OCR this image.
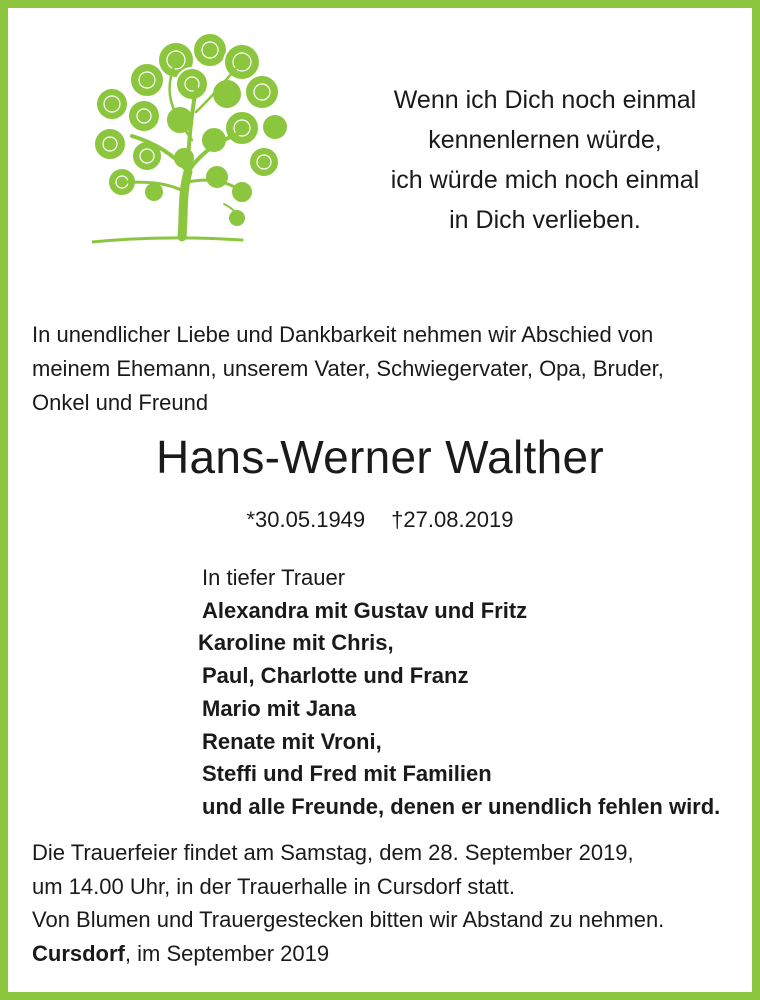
Wenn ich Dich noch einmal
kennenlernen würde,
ich würde mich noch einmal
in Dich verlieben.
In unendlicher Liebe und Dankbarkeit nehmen wir Abschied von
meinem Ehemann, unserem Vater, Schwiegervater, Opa, Bruder,
Onkel und Freund
Hans-Werner Walther
*30.05.1949 †27.08.2019
In tiefer Trauer
Alexandra mit Gustav und Fritz
Karoline mit Chris,
Paul, Charlotte und Franz
Mario mit Jana
Renate mit Vroni,
Steffi und Fred mit Familien
und alle Freunde, denen er unendlich fehlen wird.
Die Trauerfeier findet am Samstag, dem 28. September 2019,
um 14.00 Uhr, in der Trauerhalle in Cursdorf statt.
Von Blumen und Trauergestecken bitten wir Abstand zu nehmen.
Cursdorf, im September 2019
